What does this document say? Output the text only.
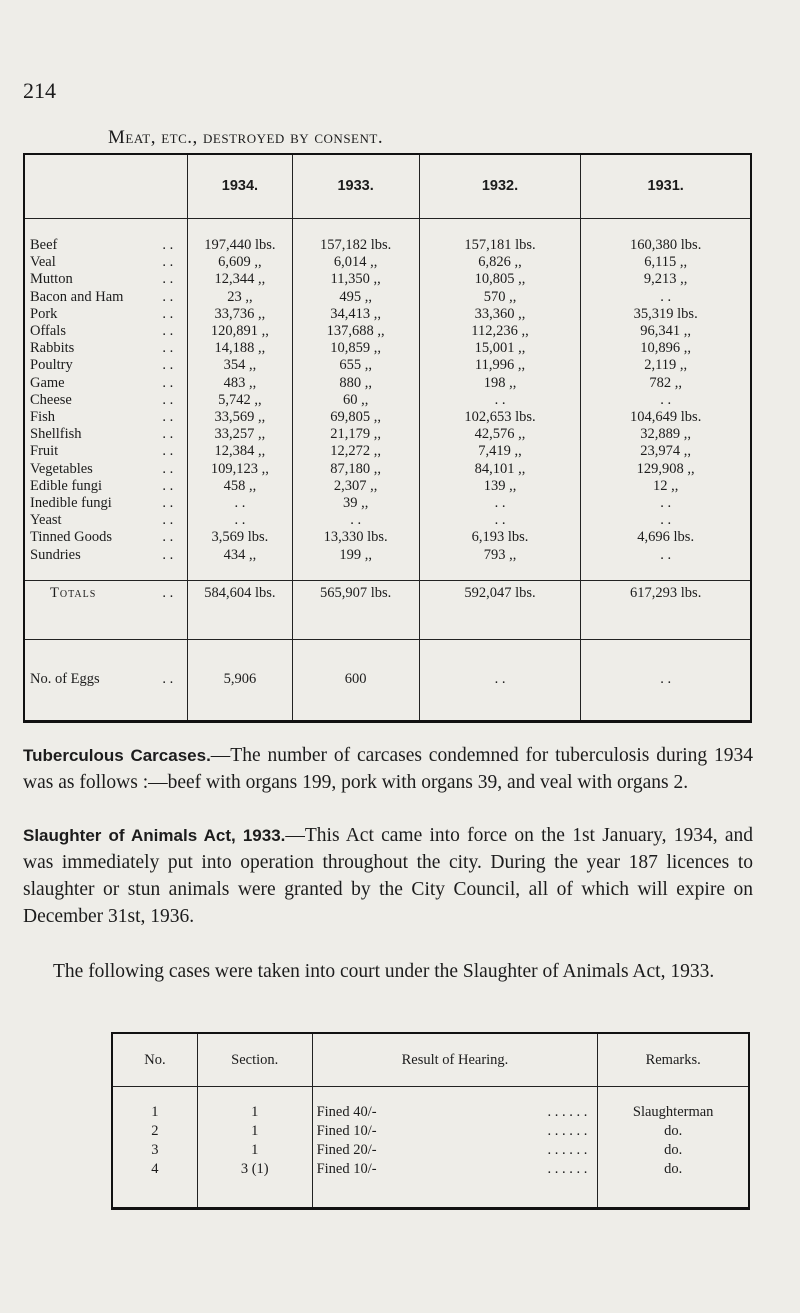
214
Meat, etc., destroyed by consent.
	1934.	1933.	1932.	1931.

Beef . .	197,440 lbs.	157,182 lbs.	157,181 lbs.	160,380 lbs.
Veal . .	6,609 ,,	6,014 ,,	6,826 ,,	6,115 ,,
Mutton . .	12,344 ,,	11,350 ,,	10,805 ,,	9,213 ,,
Bacon and Ham . .	23 ,,	495 ,,	570 ,,	. .
Pork . .	33,736 ,,	34,413 ,,	33,360 ,,	35,319 lbs.
Offals . .	120,891 ,,	137,688 ,,	112,236 ,,	96,341 ,,
Rabbits . .	14,188 ,,	10,859 ,,	15,001 ,,	10,896 ,,
Poultry . .	354 ,,	655 ,,	11,996 ,,	2,119 ,,
Game . .	483 ,,	880 ,,	198 ,,	782 ,,
Cheese . .	5,742 ,,	60 ,,	. .	. .
Fish . .	33,569 ,,	69,805 ,,	102,653 lbs.	104,649 lbs.
Shellfish . .	33,257 ,,	21,179 ,,	42,576 ,,	32,889 ,,
Fruit . .	12,384 ,,	12,272 ,,	7,419 ,,	23,974 ,,
Vegetables . .	109,123 ,,	87,180 ,,	84,101 ,,	129,908 ,,
Edible fungi . .	458 ,,	2,307 ,,	139 ,,	12 ,,
Inedible fungi . .	. .	39 ,,	. .	. .
Yeast . .	. .	. .	. .	. .
Tinned Goods . .	3,569 lbs.	13,330 lbs.	6,193 lbs.	4,696 lbs.
Sundries . .	434 ,,	199 ,,	793 ,,	. .

Totals . .	584,604 lbs.	565,907 lbs.	592,047 lbs.	617,293 lbs.
No. of Eggs . .	5,906	600	. .	. .
Tuberculous Carcases.—The number of carcases condemned for tuberculosis during 1934 was as follows :—beef with organs 199, pork with organs 39, and veal with organs 2.
Slaughter of Animals Act, 1933.—This Act came into force on the 1st January, 1934, and was immediately put into operation throughout the city. During the year 187 licences to slaughter or stun animals were granted by the City Council, all of which will expire on December 31st, 1936.
The following cases were taken into court under the Slaughter of Animals Act, 1933.
No.	Section.	Result of Hearing.	Remarks.

1	1	Fined 40/- . . . . . .	Slaughterman
2	1	Fined 10/- . . . . . .	do.
3	1	Fined 20/- . . . . . .	do.
4	3 (1)	Fined 10/- . . . . . .	do.
